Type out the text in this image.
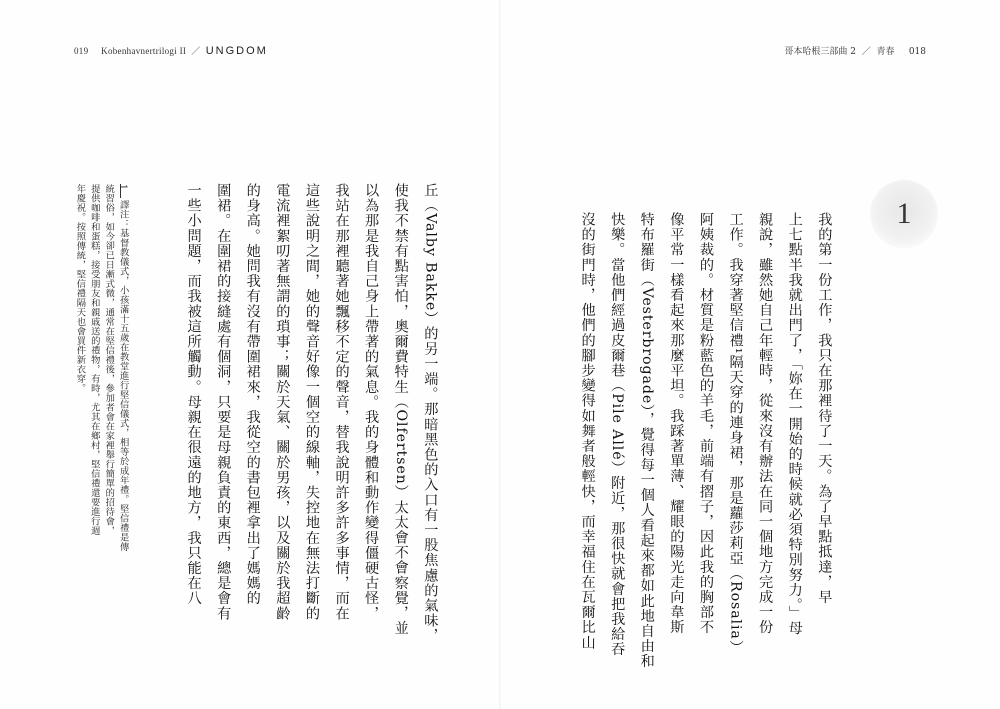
019 Kobenhavnertrilogi II ／ UNGDOM	哥本哈根三部曲 2 ／ 青春 018
1
我的第一份工作，我只在那裡待了一天。為了早點抵達，早
上七點半我就出門了，「妳在一開始的時候就必須特別努力。」母
親說，雖然她自己年輕時，從來沒有辦法在同一個地方完成一份
工作。我穿著堅信禮¹隔天穿的連身裙，那是蘿莎莉亞（Rosalia）
阿姨裁的。材質是粉藍色的羊毛，前端有摺子，因此我的胸部不
像平常一樣看起來那麼平坦。我踩著單薄、耀眼的陽光走向韋斯
特布羅街（Vesterbrogade），覺得每一個人看起來都如此地自由和
快樂。當他們經過皮爾巷（Pile Allé）附近，那很快就會把我給吞
沒的街門時，他們的腳步變得如舞者般輕快，而幸福住在瓦爾比山
丘（Valby Bakke）的另一端。那暗黑色的入口有一股焦慮的氣味，
使我不禁有點害怕，奧爾費特生（Olfertsen）太太會不會察覺，並
以為那是我自己身上帶著的氣息。我的身體和動作變得僵硬古怪，
我站在那裡聽著她飄移不定的聲音，替我說明許多許多事情，而在
這些說明之間，她的聲音好像一個空的線軸，失控地在無法打斷的
電流裡絮叨著無謂的瑣事；關於天氣、關於男孩，以及關於我超齡
的身高。她問我有沒有帶圍裙來，我從空的書包裡拿出了媽媽的
圍裙。在圍裙的接縫處有個洞，只要是母親負責的東西，總是會有
一些小問題，而我被這所觸動。母親在很遠的地方，我只能在八
1　譯注：基督教儀式，小孩滿十五歲在教堂進行堅信儀式，相等於成年禮。堅信禮是傳
統習俗，如今卻已日漸式微，通常在堅信禮後，參加者會在家裡舉行簡單的招待會，
提供咖啡和蛋糕，接受朋友和親戚送的禮物，有時，尤其在鄉村，堅信禮還要進行週
年慶祝。按照傳統，堅信禮隔天也會買件新衣穿。
